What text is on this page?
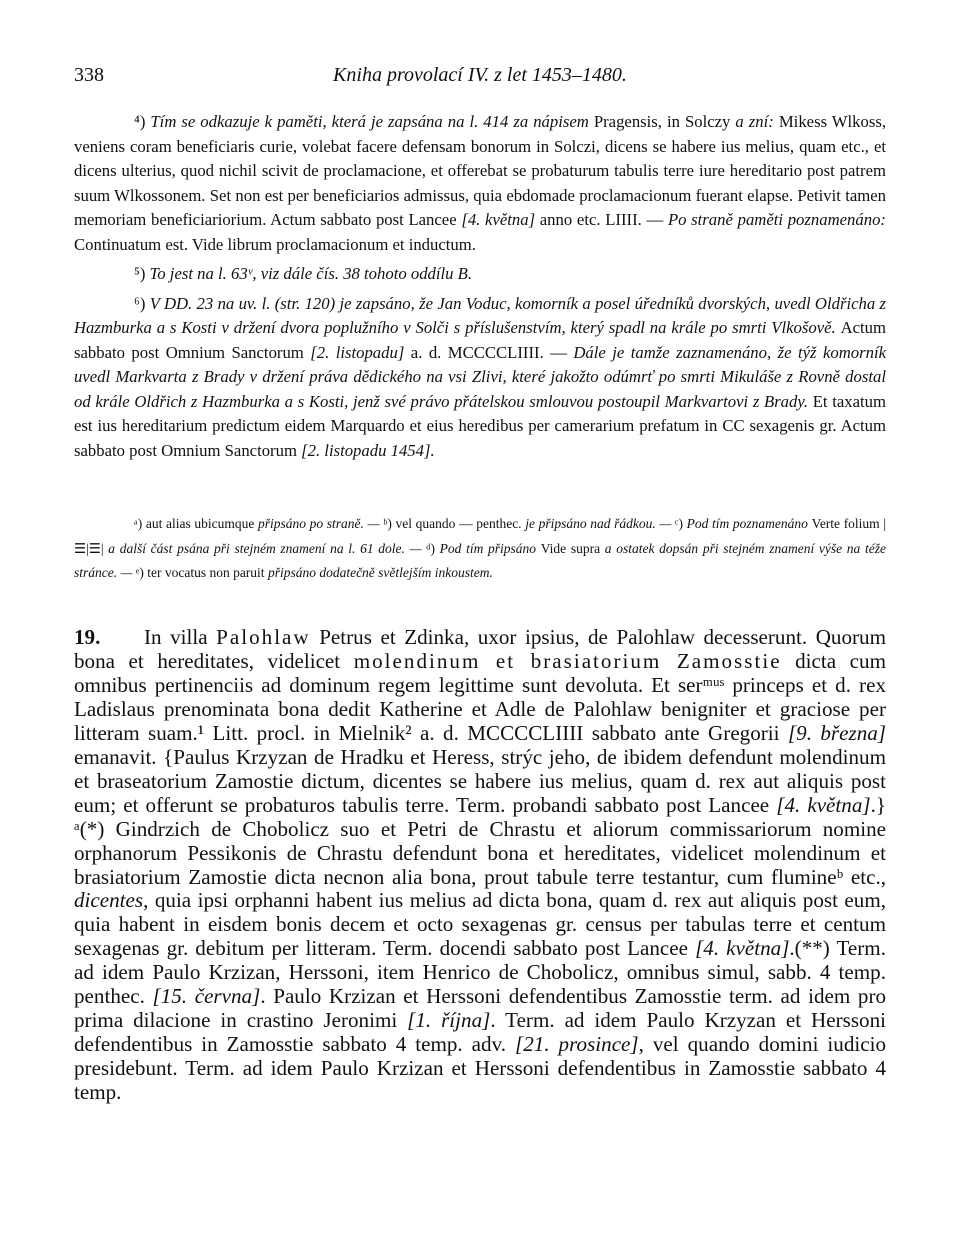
338	Kniha provolací IV. z let 1453–1480.

⁴) Tím se odkazuje k paměti, která je zapsána na l. 414 za nápisem Pragensis, in Solczy a zní: Mikess Wlkoss, veniens coram beneficiaris curie, volebat facere defensam bonorum in Solczi, dicens se habere ius melius, quam etc., et dicens ulterius, quod nichil scivit de proclamacione, et offerebat se probaturum tabulis terre iure hereditario post patrem suum Wlkossonem. Set non est per beneficiarios admissus, quia ebdomade proclamacionum fuerant elapse. Petivit tamen memoriam beneficiariorium. Actum sabbato post Lancee [4. května] anno etc. LIIII. — Po straně paměti poznamenáno: Continuatum est. Vide librum proclamacionum et inductum.

⁵) To jest na l. 63ᵛ, viz dále čís. 38 tohoto oddílu B.

⁶) V DD. 23 na uv. l. (str. 120) je zapsáno, že Jan Voduc, komorník a posel úředníků dvorských, uvedl Oldřicha z Hazmburka a s Kosti v držení dvora poplužního v Solči s příslušenstvím, který spadl na krále po smrti Vlkošově. Actum sabbato post Omnium Sanctorum [2. listopadu] a. d. MCCCCLIIII. — Dále je tamže zaznamenáno, že týž komorník uvedl Markvarta z Brady v držení práva dědického na vsi Zlivi, které jakožto odúmrť po smrti Mikuláše z Rovně dostal od krále Oldřich z Hazmburka a s Kosti, jenž své právo přátelskou smlouvou postoupil Markvartovi z Brady. Et taxatum est ius hereditarium predictum eidem Marquardo et eius heredibus per camerarium prefatum in CC sexagenis gr. Actum sabbato post Omnium Sanctorum [2. listopadu 1454].

ᵃ) aut alias ubicumque připsáno po straně. — ᵇ) vel quando — penthec. je připsáno nad řádkou. — ᶜ) Pod tím poznamenáno Verte folium |☰|☰| a další část psána při stejném znamení na l. 61 dole. — ᵈ) Pod tím připsáno Vide supra a ostatek dopsán při stejném znamení výše na téže stránce. — ᵉ) ter vocatus non paruit připsáno dodatečně světlejším inkoustem.

19. In villa Palohlaw Petrus et Zdinka, uxor ipsius, de Palohlaw decesserunt. Quorum bona et hereditates, videlicet molendinum et brasiatorium Zamosstie dicta cum omnibus pertinenciis ad dominum regem legittime sunt devoluta. Et serᵐᵘˢ princeps et d. rex Ladislaus prenominata bona dedit Katherine et Adle de Palohlaw benigniter et graciose per litteram suam.¹ Litt. procl. in Mielnik² a. d. MCCCCLIIII sabbato ante Gregorii [9. března] emanavit. {Paulus Krzyzan de Hradku et Heress, strýc jeho, de ibidem defendunt molendinum et braseatorium Zamostie dictum, dicentes se habere ius melius, quam d. rex aut aliquis post eum; et offerunt se probaturos tabulis terre. Term. probandi sabbato post Lancee [4. května].}ᵃ(*) Gindrzich de Chobolicz suo et Petri de Chrastu et aliorum commissariorum nomine orphanorum Pessikonis de Chrastu defendunt bona et hereditates, videlicet molendinum et brasiatorium Zamostie dicta necnon alia bona, prout tabule terre testantur, cum flumineᵇ etc., dicentes, quia ipsi orphanni habent ius melius ad dicta bona, quam d. rex aut aliquis post eum, quia habent in eisdem bonis decem et octo sexagenas gr. census per tabulas terre et centum sexagenas gr. debitum per litteram. Term. docendi sabbato post Lancee [4. května].(**) Term. ad idem Paulo Krzizan, Herssoni, item Henrico de Chobolicz, omnibus simul, sabb. 4 temp. penthec. [15. června]. Paulo Krzizan et Herssoni defendentibus Zamosstie term. ad idem pro prima dilacione in crastino Jeronimi [1. října]. Term. ad idem Paulo Krzyzan et Herssoni defendentibus in Zamosstie sabbato 4 temp. adv. [21. prosince], vel quando domini iudicio presidebunt. Term. ad idem Paulo Krzizan et Herssoni defendentibus in Zamosstie sabbato 4 temp.
